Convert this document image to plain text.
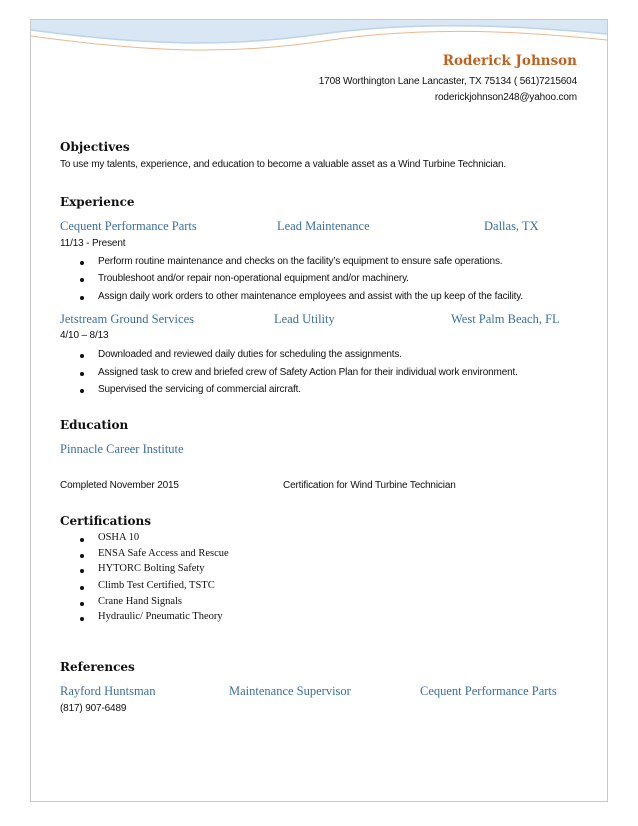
Roderick Johnson
1708 Worthington Lane Lancaster, TX 75134 ( 561)7215604
roderickjohnson248@yahoo.com
Objectives
To use my talents, experience, and education to become a valuable asset as a Wind Turbine Technician.
Experience
Cequent Performance Parts	Lead Maintenance	Dallas, TX
11/13 - Present
Perform routine maintenance and checks on the facility’s equipment to ensure safe operations.
Troubleshoot and/or repair non-operational equipment and/or machinery.
Assign daily work orders to other maintenance employees and assist with the up keep of the facility.
Jetstream Ground Services	Lead Utility	West Palm Beach, FL
4/10 – 8/13
Downloaded and reviewed daily duties for scheduling the assignments.
Assigned task to crew and briefed crew of Safety Action Plan for their individual work environment.
Supervised the servicing of commercial aircraft.
Education
Pinnacle Career Institute
Completed November 2015	Certification for Wind Turbine Technician
Certifications
OSHA 10
ENSA Safe Access and Rescue
HYTORC Bolting Safety
Climb Test Certified, TSTC
Crane Hand Signals
Hydraulic/ Pneumatic Theory
References
Rayford Huntsman	Maintenance Supervisor	Cequent Performance Parts
(817) 907-6489
